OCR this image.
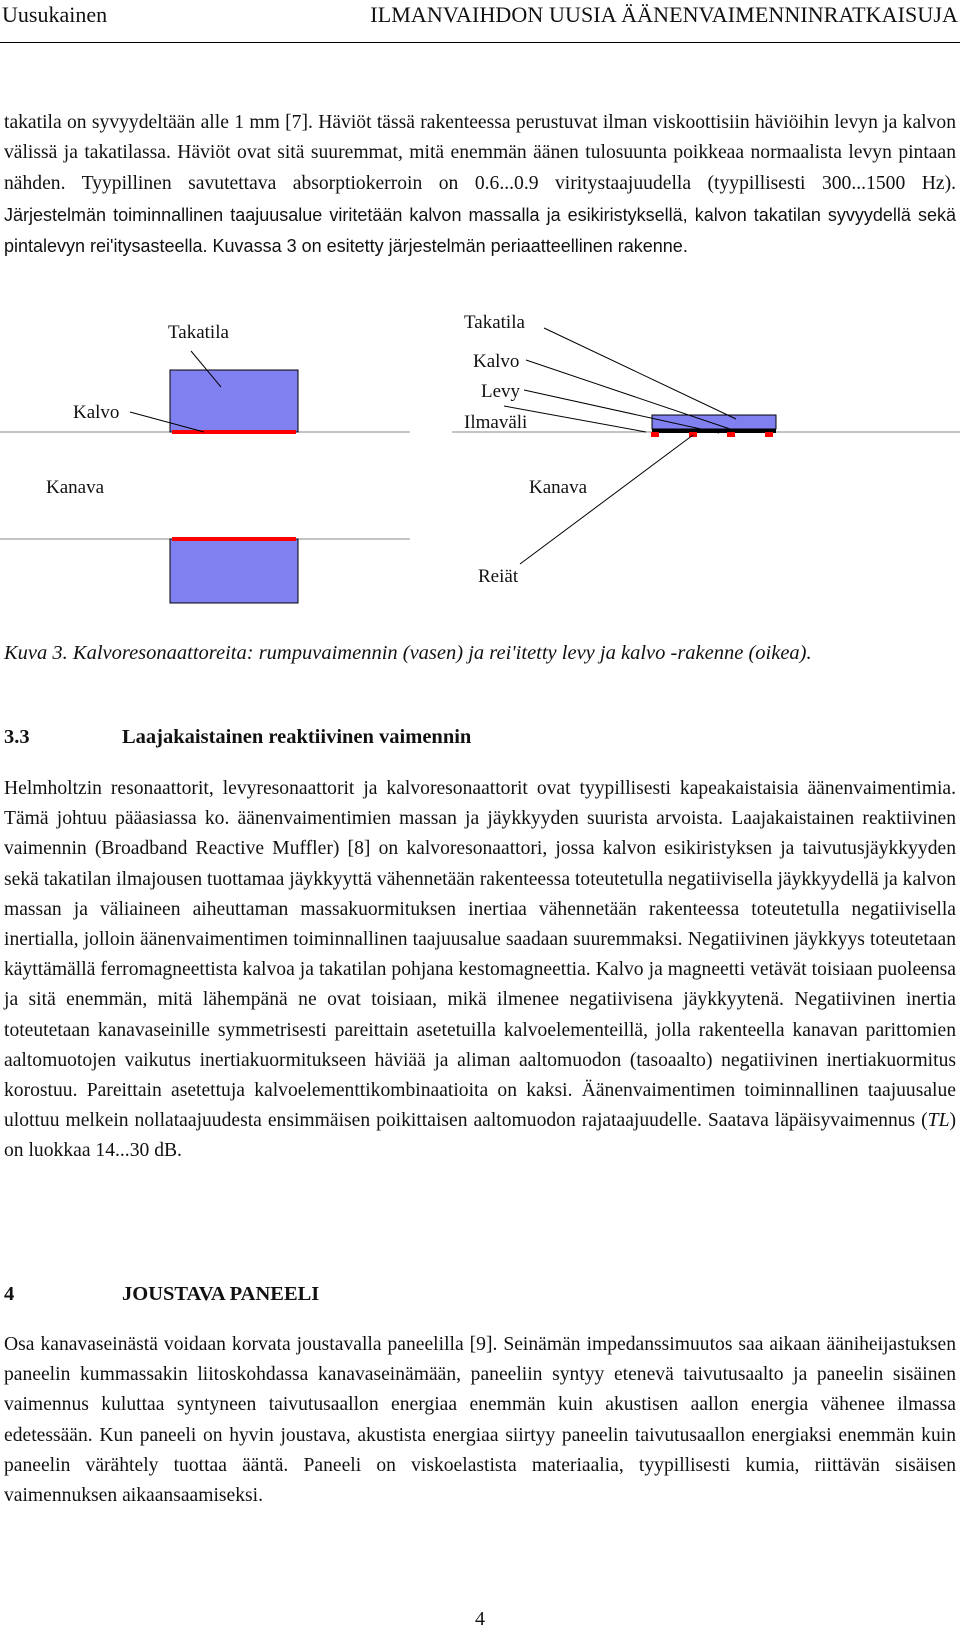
Uusukainen	ILMANVAIHDON UUSIA ÄÄNENVAIMENNINRATKAISUJA

takatila on syvyydeltään alle 1 mm [7]. Häviöt tässä rakenteessa perustuvat ilman viskoottisiin häviöihin levyn ja kalvon välissä ja takatilassa. Häviöt ovat sitä suuremmat, mitä enemmän äänen tulosuunta poikkeaa normaalista levyn pintaan nähden. Tyypillinen savutettava absorptiokerroin on 0.6...0.9 viritystaajuudella (tyypillisesti 300...1500 Hz). Järjestelmän toiminnallinen taajuusalue viritetään kalvon massalla ja esikiristyksellä, kalvon takatilan syvyydellä sekä pintalevyn rei'itysasteella. Kuvassa 3 on esitetty järjestelmän periaatteellinen rakenne.

Takatila
Kalvo
Kanava
Takatila
Kalvo
Levy
Ilmaväli
Kanava
Reiät

Kuva 3. Kalvoresonaattoreita: rumpuvaimennin (vasen) ja rei'itetty levy ja kalvo -rakenne (oikea).

3.3	Laajakaistainen reaktiivinen vaimennin

Helmholtzin resonaattorit, levyresonaattorit ja kalvoresonaattorit ovat tyypillisesti kapeakaistaisia äänenvaimentimia. Tämä johtuu pääasiassa ko. äänenvaimentimien massan ja jäykkyyden suurista arvoista. Laajakaistainen reaktiivinen vaimennin (Broadband Reactive Muffler) [8] on kalvoresonaattori, jossa kalvon esikiristyksen ja taivutusjäykkyyden sekä takatilan ilmajousen tuottamaa jäykkyyttä vähennetään rakenteessa toteutetulla negatiivisella jäykkyydellä ja kalvon massan ja väliaineen aiheuttaman massakuormituksen inertiaa vähennetään rakenteessa toteutetulla negatiivisella inertialla, jolloin äänenvaimentimen toiminnallinen taajuusalue saadaan suuremmaksi. Negatiivinen jäykkyys toteutetaan käyttämällä ferromagneettista kalvoa ja takatilan pohjana kestomagneettia. Kalvo ja magneetti vetävät toisiaan puoleensa ja sitä enemmän, mitä lähempänä ne ovat toisiaan, mikä ilmenee negatiivisena jäykkyytenä. Negatiivinen inertia toteutetaan kanavaseinille symmetrisesti pareittain asetetuilla kalvoelementeillä, jolla rakenteella kanavan parittomien aaltomuotojen vaikutus inertiakuormitukseen häviää ja aliman aaltomuodon (tasoaalto) negatiivinen inertiakuormitus korostuu. Pareittain asetettuja kalvoelementtikombinaatioita on kaksi. Äänenvaimentimen toiminnallinen taajuusalue ulottuu melkein nollataajuudesta ensimmäisen poikittaisen aaltomuodon rajataajuudelle. Saatava läpäisyvaimennus (TL) on luokkaa 14...30 dB.

4	JOUSTAVA PANEELI

Osa kanavaseinästä voidaan korvata joustavalla paneelilla [9]. Seinämän impedanssimuutos saa aikaan ääniheijastuksen paneelin kummassakin liitoskohdassa kanavaseinämään, paneeliin syntyy etenevä taivutusaalto ja paneelin sisäinen vaimennus kuluttaa syntyneen taivutusaallon energiaa enemmän kuin akustisen aallon energia vähenee ilmassa edetessään. Kun paneeli on hyvin joustava, akustista energiaa siirtyy paneelin taivutusaallon energiaksi enemmän kuin paneelin värähtely tuottaa ääntä. Paneeli on viskoelastista materiaalia, tyypillisesti kumia, riittävän sisäisen vaimennuksen aikaansaamiseksi.

4
